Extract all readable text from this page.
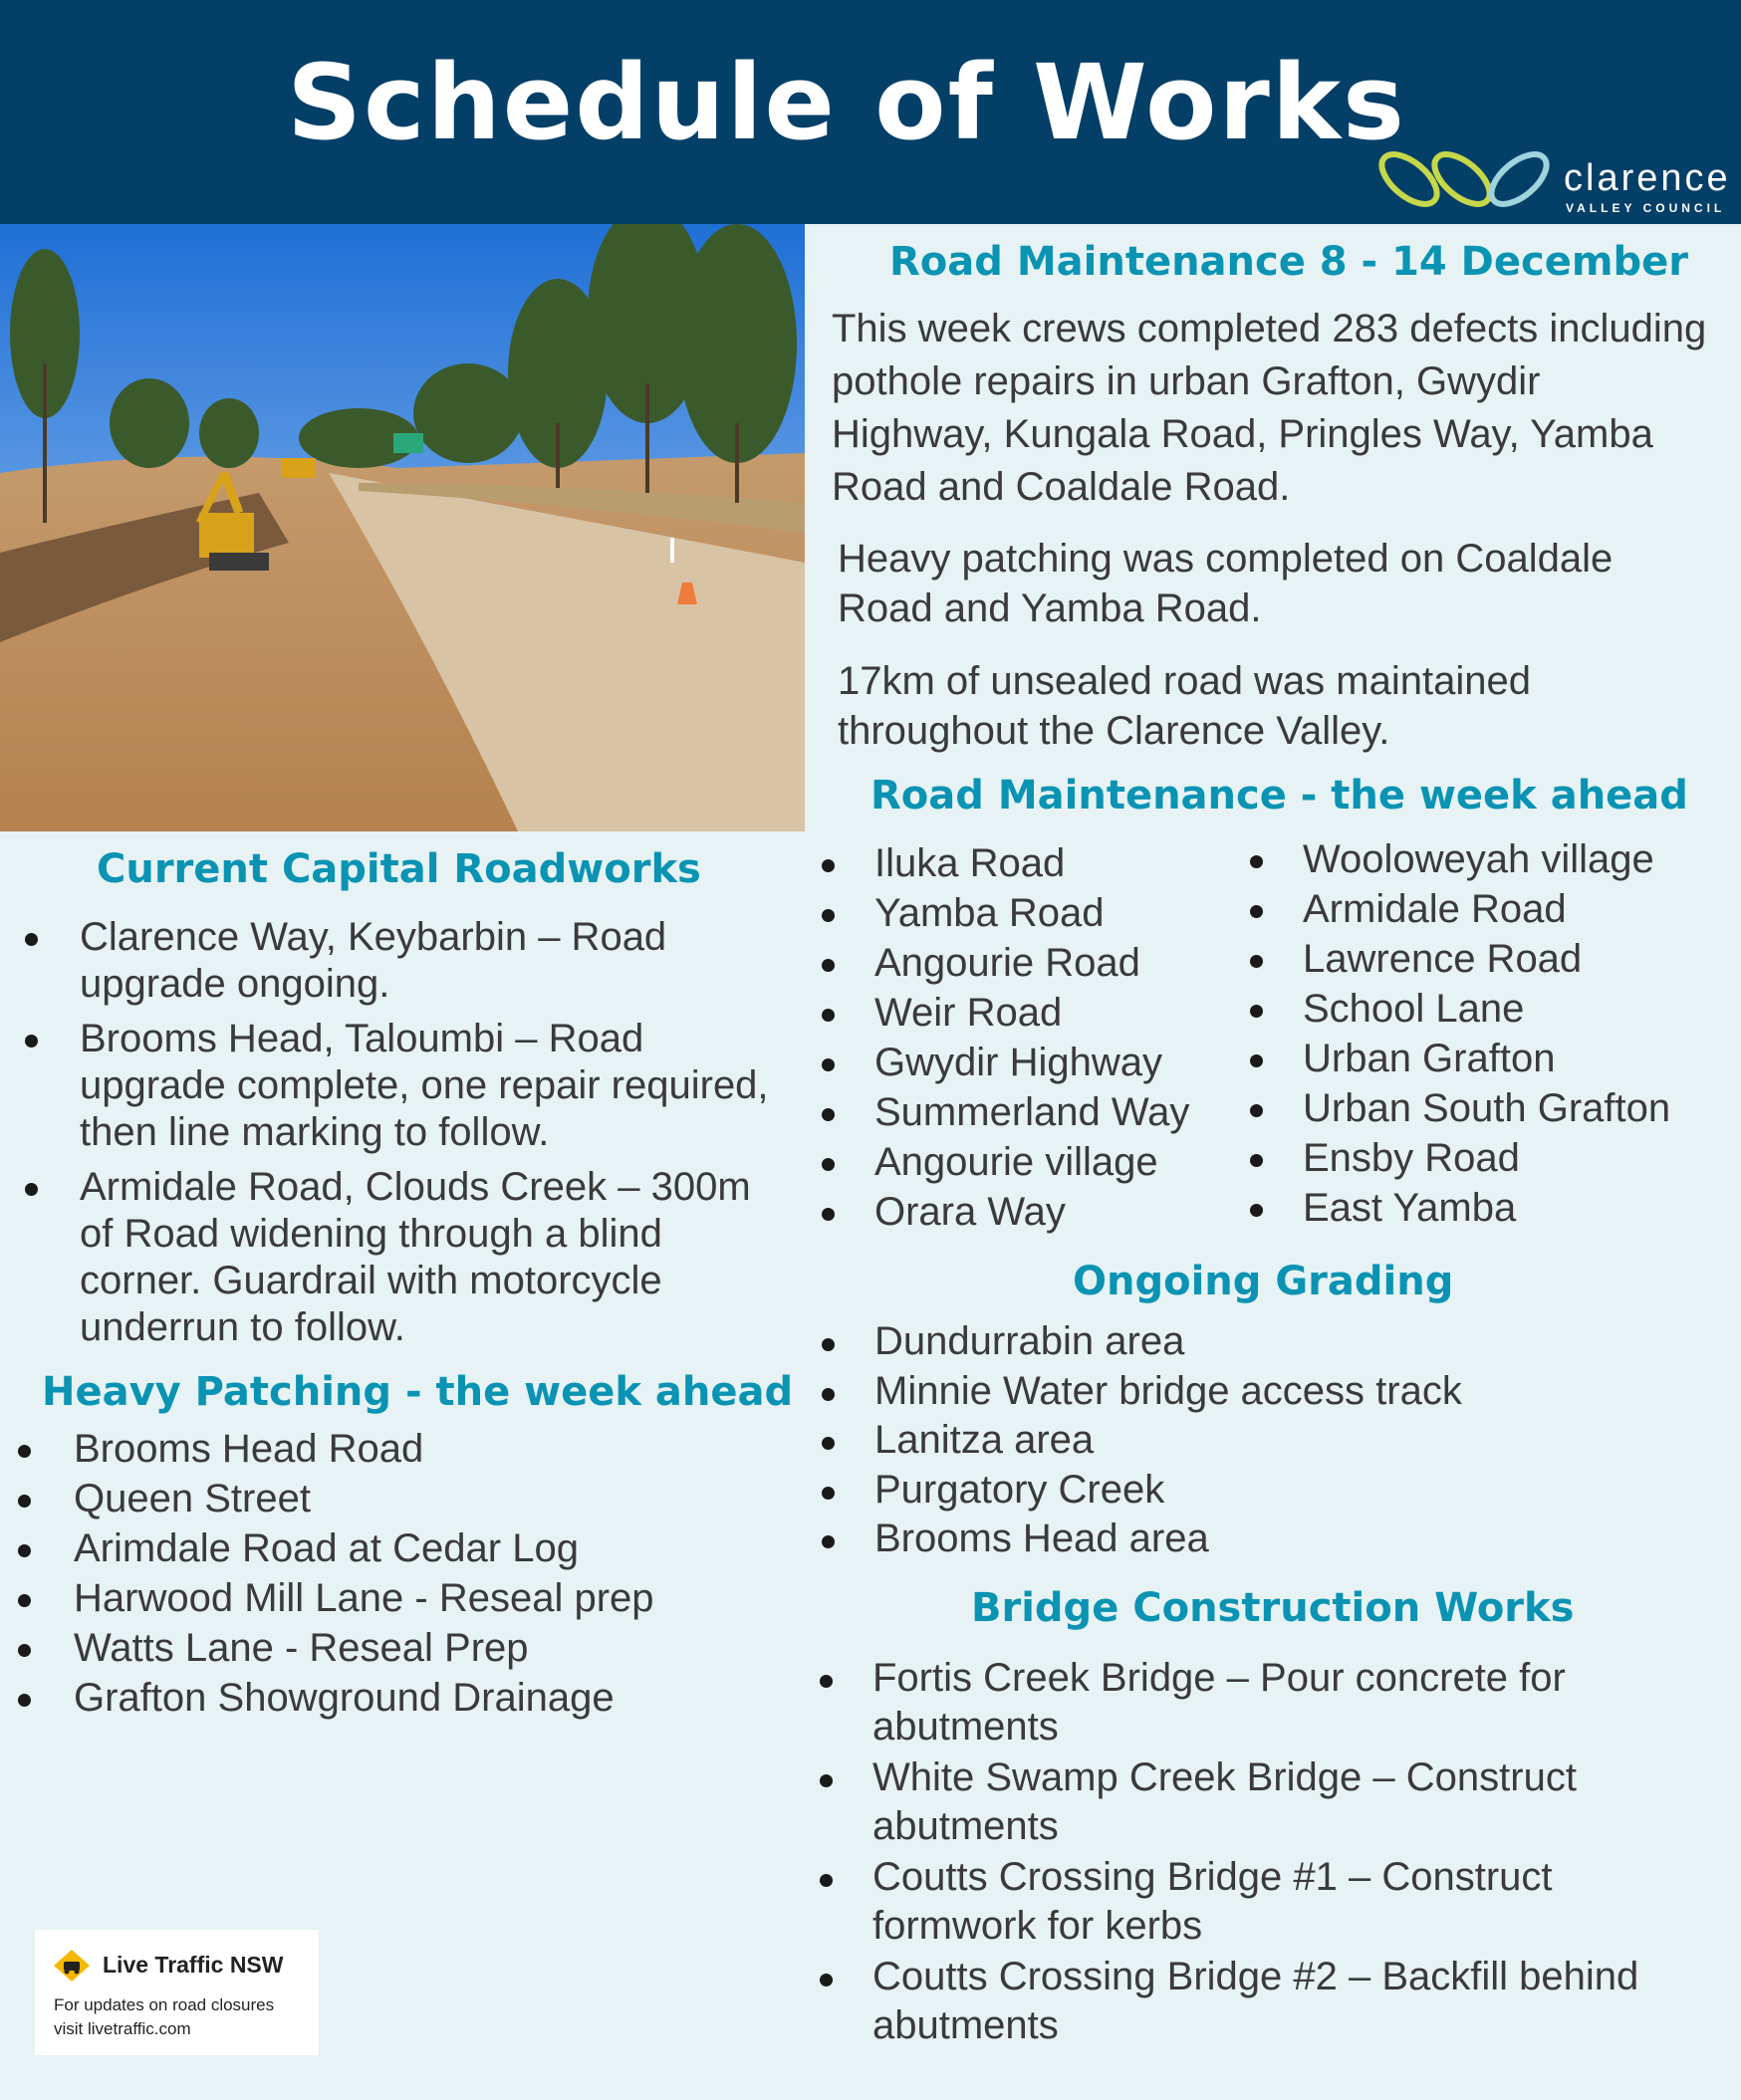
Schedule of Works
clarence
VALLEY COUNCIL
Road Maintenance 8 - 14 December
This week crews completed 283 defects including pothole repairs in urban Grafton, Gwydir Highway, Kungala Road, Pringles Way, Yamba Road and Coaldale Road.
Heavy patching was completed on Coaldale Road and Yamba Road.
17km of unsealed road was maintained throughout the Clarence Valley.
Road Maintenance - the week ahead
Iluka Road
Yamba Road
Angourie Road
Weir Road
Gwydir Highway
Summerland Way
Angourie village
Orara Way
Wooloweyah village
Armidale Road
Lawrence Road
School Lane
Urban Grafton
Urban South Grafton
Ensby Road
East Yamba
Current Capital Roadworks
Clarence Way, Keybarbin – Road upgrade ongoing.
Brooms Head, Taloumbi – Road upgrade complete, one repair required, then line marking to follow.
Armidale Road, Clouds Creek – 300m of Road widening through a blind corner. Guardrail with motorcycle underrun to follow.
Heavy Patching - the week ahead
Brooms Head Road
Queen Street
Arimdale Road at Cedar Log
Harwood Mill Lane - Reseal prep
Watts Lane - Reseal Prep
Grafton Showground Drainage
Ongoing Grading
Dundurrabin area
Minnie Water bridge access track
Lanitza area
Purgatory Creek
Brooms Head area
Bridge Construction Works
Fortis Creek Bridge – Pour concrete for abutments
White Swamp Creek Bridge – Construct abutments
Coutts Crossing Bridge #1 – Construct formwork for kerbs
Coutts Crossing Bridge #2 – Backfill behind abutments
Live Traffic NSW
For updates on road closures
visit livetraffic.com
